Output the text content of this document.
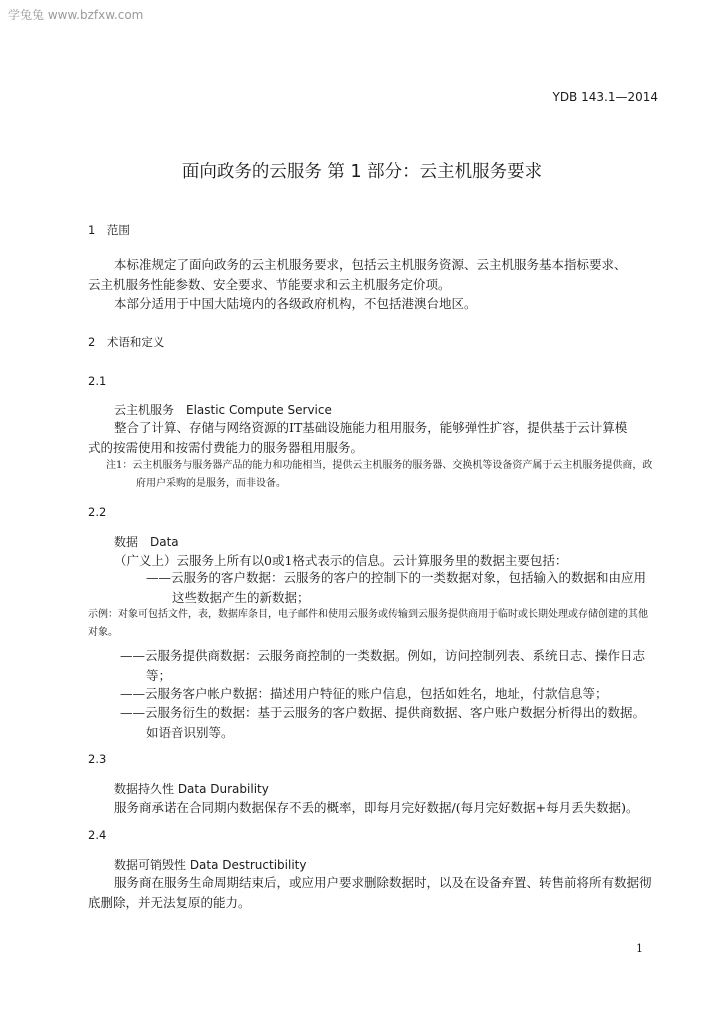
学兔兔 www.bzfxw.com
YDB 143.1—2014
面向政务的云服务 第 1 部分：云主机服务要求
1　范围
本标准规定了面向政务的云主机服务要求，包括云主机服务资源、云主机服务基本指标要求、云主机服务性能参数、安全要求、节能要求和云主机服务定价项。
本部分适用于中国大陆境内的各级政府机构，不包括港澳台地区。
2　术语和定义
2.1
云主机服务　Elastic Compute Service
整合了计算、存储与网络资源的IT基础设施能力租用服务，能够弹性扩容，提供基于云计算模式的按需使用和按需付费能力的服务器租用服务。
注1：云主机服务与服务器产品的能力和功能相当，提供云主机服务的服务器、交换机等设备资产属于云主机服务提供商，政府用户采购的是服务，而非设备。
2.2
数据　Data
（广义上）云服务上所有以0或1格式表示的信息。云计算服务里的数据主要包括：
——云服务的客户数据：云服务的客户的控制下的一类数据对象，包括输入的数据和由应用这些数据产生的新数据；
示例：对象可包括文件，表，数据库条目，电子邮件和使用云服务或传输到云服务提供商用于临时或长期处理或存储创建的其他对象。
——云服务提供商数据：云服务商控制的一类数据。例如，访问控制列表、系统日志、操作日志等；
——云服务客户帐户数据：描述用户特征的账户信息，包括如姓名，地址，付款信息等；
——云服务衍生的数据：基于云服务的客户数据、提供商数据、客户账户数据分析得出的数据。如语音识别等。
2.3
数据持久性 Data Durability
服务商承诺在合同期内数据保存不丢的概率，即每月完好数据/(每月完好数据+每月丢失数据)。
2.4
数据可销毁性 Data Destructibility
服务商在服务生命周期结束后，或应用户要求删除数据时，以及在设备弃置、转售前将所有数据彻底删除，并无法复原的能力。
1
